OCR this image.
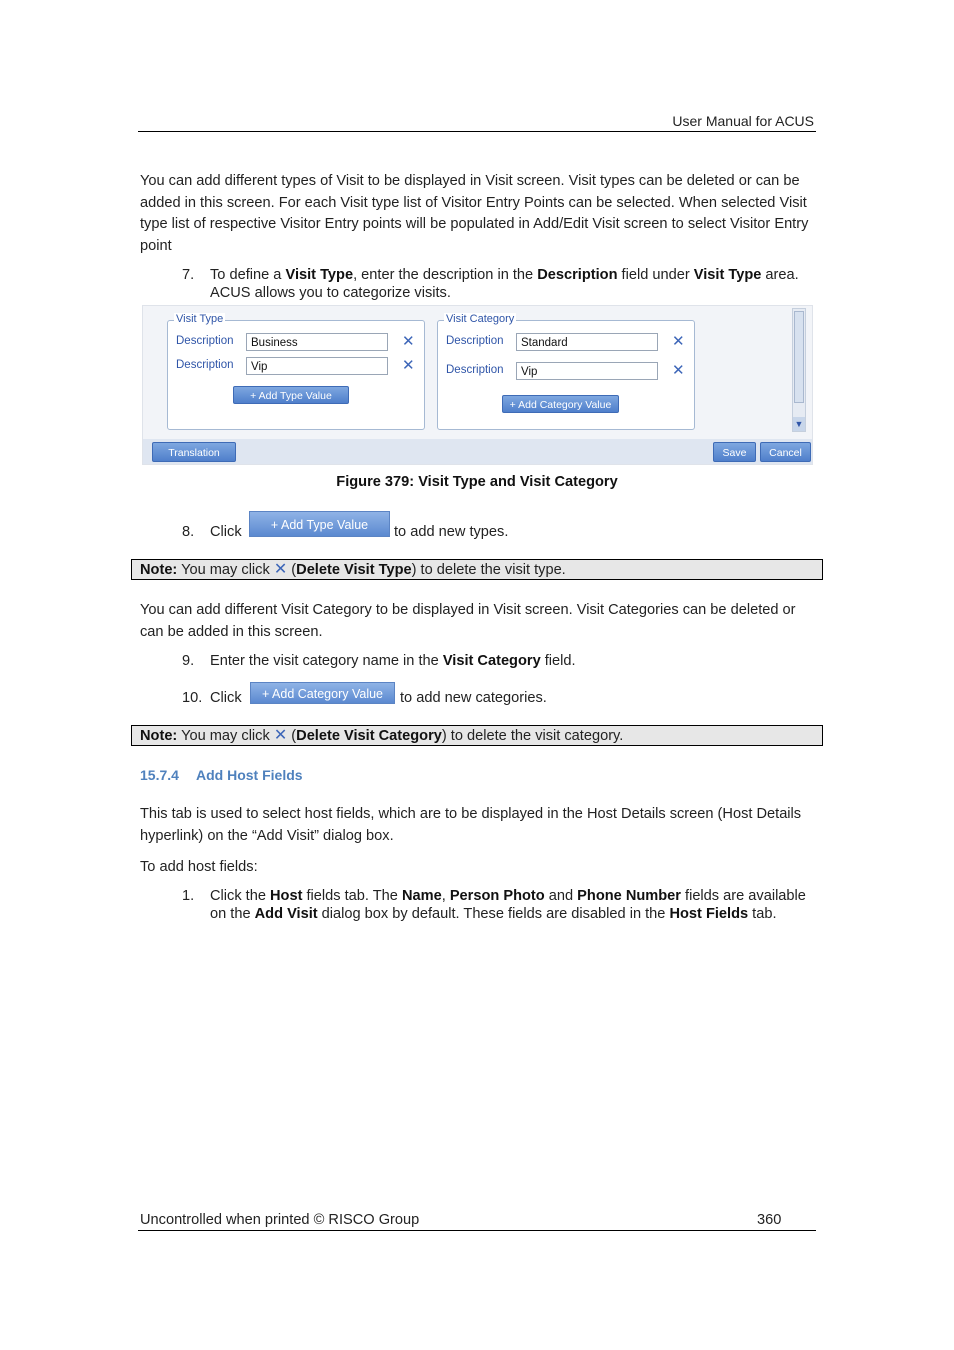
User Manual for ACUS
You can add different types of Visit to be displayed in Visit screen. Visit types can be deleted or can be added in this screen. For each Visit type list of Visitor Entry Points can be selected. When selected Visit type list of respective Visitor Entry points will be populated in Add/Edit Visit screen to select Visitor Entry point
7. To define a Visit Type, enter the description in the Description field under Visit Type area. ACUS allows you to categorize visits.
Visit Type
Description	Business	✕
Description	Vip	✕
+ Add Type Value
Visit Category
Description	Standard	✕
Description	Vip	✕
+ Add Category Value
▼
Translation	Save	Cancel
Figure 379: Visit Type and Visit Category
8. Click	to add new types.
+ Add Type Value
Note: You may click ✕ (Delete Visit Type) to delete the visit type.
You can add different Visit Category to be displayed in Visit screen. Visit Categories can be deleted or can be added in this screen.
9. Enter the visit category name in the Visit Category field.
10. Click	to add new categories.
+ Add Category Value
Note: You may click ✕ (Delete Visit Category) to delete the visit category.
15.7.4 Add Host Fields
This tab is used to select host fields, which are to be displayed in the Host Details screen (Host Details hyperlink) on the “Add Visit” dialog box.
To add host fields:
1. Click the Host fields tab. The Name, Person Photo and Phone Number fields are available on the Add Visit dialog box by default. These fields are disabled in the Host Fields tab.
Uncontrolled when printed © RISCO Group	360
